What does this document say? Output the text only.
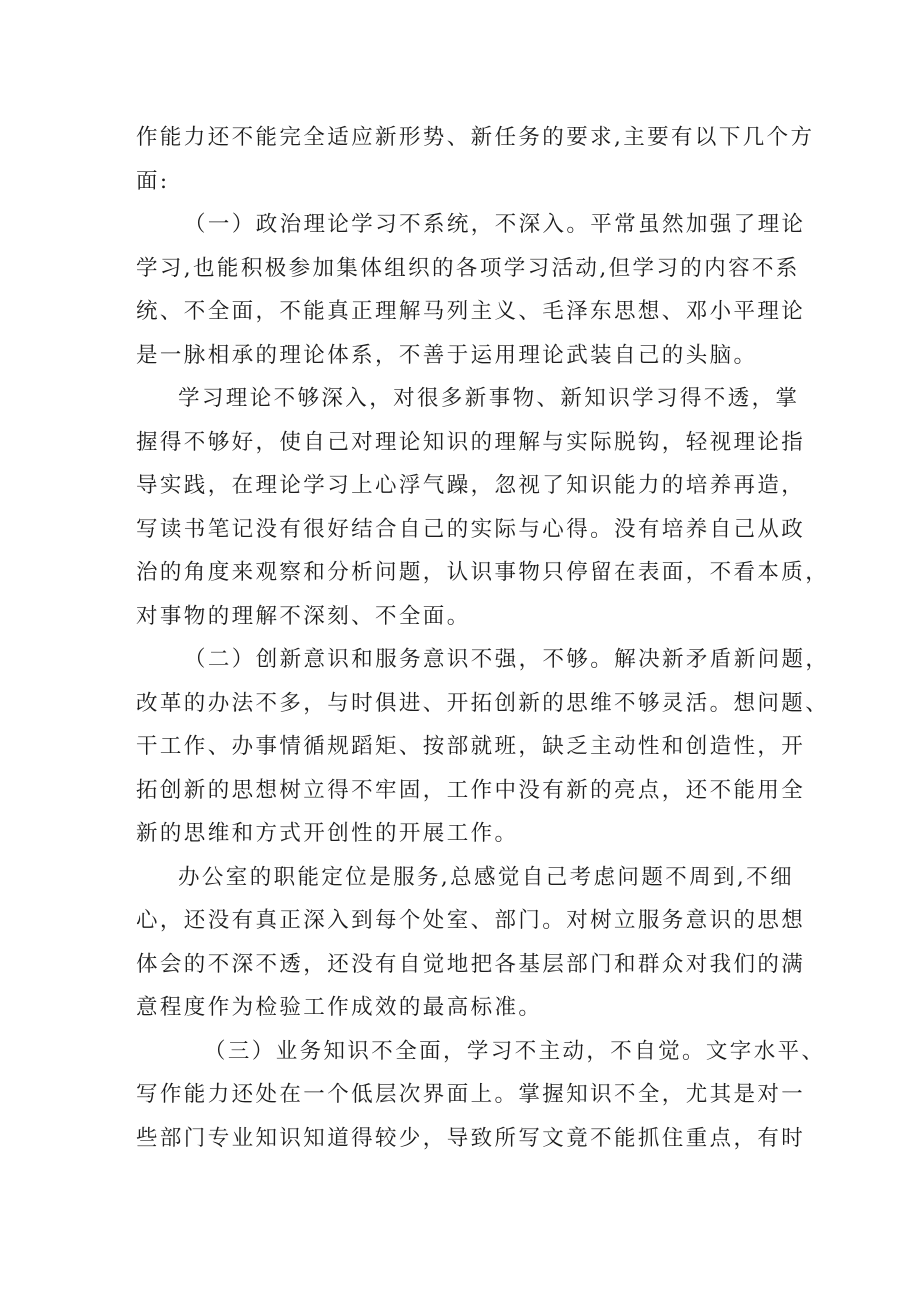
作能力还不能完全适应新形势、新任务的要求,主要有以下几个方
面:
（一）政治理论学习不系统，不深入。平常虽然加强了理论
学习,也能积极参加集体组织的各项学习活动,但学习的内容不系
统、不全面，不能真正理解马列主义、毛泽东思想、邓小平理论
是一脉相承的理论体系，不善于运用理论武装自己的头脑。
学习理论不够深入，对很多新事物、新知识学习得不透，掌
握得不够好，使自己对理论知识的理解与实际脱钩，轻视理论指
导实践，在理论学习上心浮气躁，忽视了知识能力的培养再造，
写读书笔记没有很好结合自己的实际与心得。没有培养自己从政
治的角度来观察和分析问题，认识事物只停留在表面，不看本质，
对事物的理解不深刻、不全面。
（二）创新意识和服务意识不强，不够。解决新矛盾新问题，
改革的办法不多，与时俱进、开拓创新的思维不够灵活。想问题、
干工作、办事情循规蹈矩、按部就班，缺乏主动性和创造性，开
拓创新的思想树立得不牢固，工作中没有新的亮点，还不能用全
新的思维和方式开创性的开展工作。
办公室的职能定位是服务,总感觉自己考虑问题不周到,不细
心，还没有真正深入到每个处室、部门。对树立服务意识的思想
体会的不深不透，还没有自觉地把各基层部门和群众对我们的满
意程度作为检验工作成效的最高标准。
（三）业务知识不全面，学习不主动，不自觉。文字水平、
写作能力还处在一个低层次界面上。掌握知识不全，尤其是对一
些部门专业知识知道得较少，导致所写文竟不能抓住重点，有时
